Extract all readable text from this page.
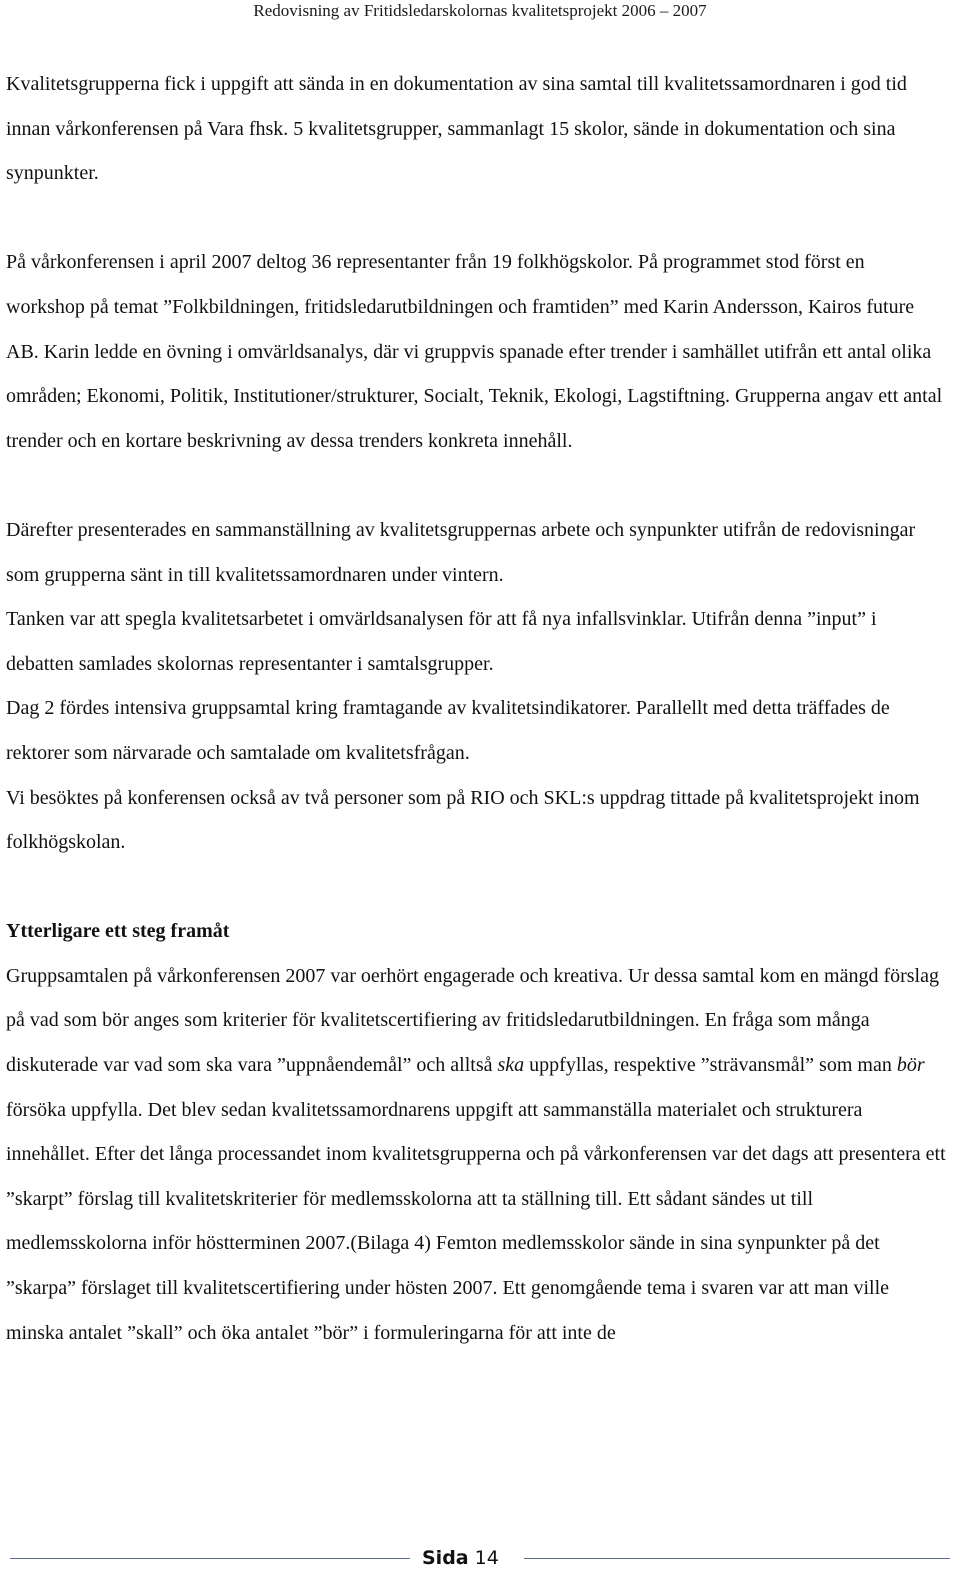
Redovisning av Fritidsledarskolornas kvalitetsprojekt 2006 – 2007

Kvalitetsgrupperna fick i uppgift att sända in en dokumentation av sina samtal till kvalitetssamordnaren i god tid innan vårkonferensen på Vara fhsk. 5 kvalitetsgrupper, sammanlagt 15 skolor, sände in dokumentation och sina synpunkter.

På vårkonferensen i april 2007 deltog 36 representanter från 19 folkhögskolor. På programmet stod först en workshop på temat ”Folkbildningen, fritidsledarutbildningen och framtiden” med Karin Andersson, Kairos future AB. Karin ledde en övning i omvärldsanalys, där vi gruppvis spanade efter trender i samhället utifrån ett antal olika områden; Ekonomi, Politik, Institutioner/strukturer, Socialt, Teknik, Ekologi, Lagstiftning. Grupperna angav ett antal trender och en kortare beskrivning av dessa trenders konkreta innehåll.

Därefter presenterades en sammanställning av kvalitetsgruppernas arbete och synpunkter utifrån de redovisningar som grupperna sänt in till kvalitetssamordnaren under vintern.

Tanken var att spegla kvalitetsarbetet i omvärldsanalysen för att få nya infallsvinklar. Utifrån denna ”input” i debatten samlades skolornas representanter i samtalsgrupper.

Dag 2 fördes intensiva gruppsamtal kring framtagande av kvalitetsindikatorer. Parallellt med detta träffades de rektorer som närvarade och samtalade om kvalitetsfrågan.

Vi besöktes på konferensen också av två personer som på RIO och SKL:s uppdrag tittade på kvalitetsprojekt inom folkhögskolan.

Ytterligare ett steg framåt

Gruppsamtalen på vårkonferensen 2007 var oerhört engagerade och kreativa. Ur dessa samtal kom en mängd förslag på vad som bör anges som kriterier för kvalitetscertifiering av fritidsledarutbildningen. En fråga som många diskuterade var vad som ska vara ”uppnåendemål” och alltså ska uppfyllas, respektive ”strävansmål” som man bör försöka uppfylla. Det blev sedan kvalitetssamordnarens uppgift att sammanställa materialet och strukturera innehållet. Efter det långa processandet inom kvalitetsgrupperna och på vårkonferensen var det dags att presentera ett ”skarpt” förslag till kvalitetskriterier för medlemsskolorna att ta ställning till. Ett sådant sändes ut till medlemsskolorna inför höstterminen 2007.(Bilaga 4) Femton medlemsskolor sände in sina synpunkter på det ”skarpa” förslaget till kvalitetscertifiering under hösten 2007. Ett genomgående tema i svaren var att man ville minska antalet ”skall” och öka antalet ”bör” i formuleringarna för att inte de

Sida 14
